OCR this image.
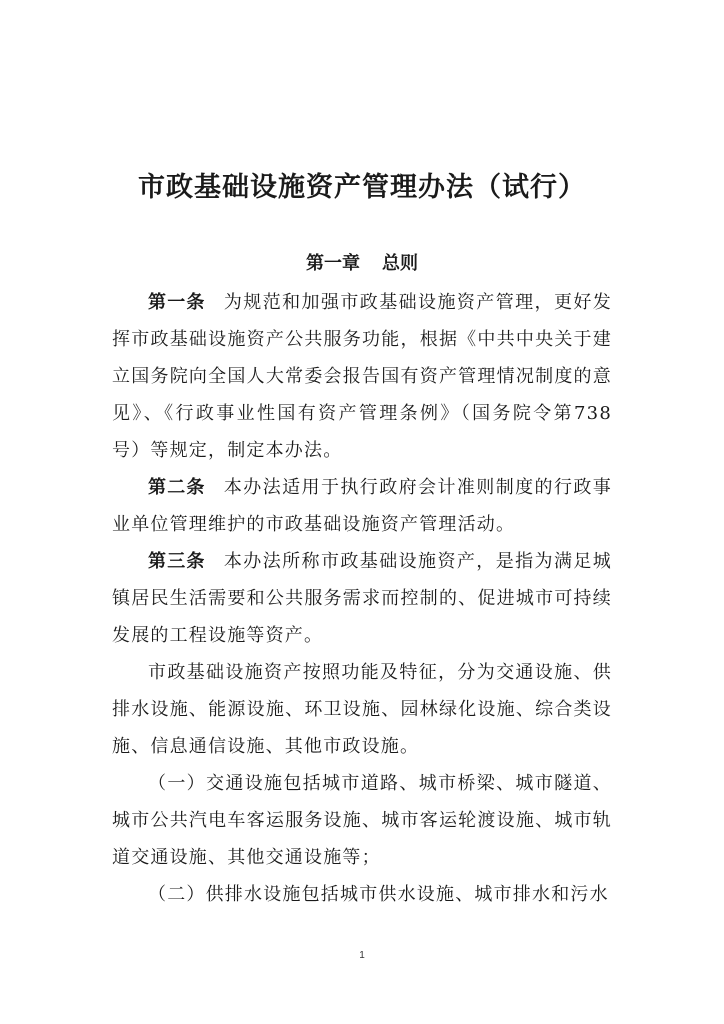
市政基础设施资产管理办法（试行）
第一章 总则

第一条 为规范和加强市政基础设施资产管理，更好发挥市政基础设施资产公共服务功能，根据《中共中央关于建立国务院向全国人大常委会报告国有资产管理情况制度的意见》、《行政事业性国有资产管理条例》（国务院令第738号）等规定，制定本办法。

第二条 本办法适用于执行政府会计准则制度的行政事业单位管理维护的市政基础设施资产管理活动。

第三条 本办法所称市政基础设施资产，是指为满足城镇居民生活需要和公共服务需求而控制的、促进城市可持续发展的工程设施等资产。

市政基础设施资产按照功能及特征，分为交通设施、供排水设施、能源设施、环卫设施、园林绿化设施、综合类设施、信息通信设施、其他市政设施。

（一）交通设施包括城市道路、城市桥梁、城市隧道、城市公共汽电车客运服务设施、城市客运轮渡设施、城市轨道交通设施、其他交通设施等；

（二）供排水设施包括城市供水设施、城市排水和污水

1
